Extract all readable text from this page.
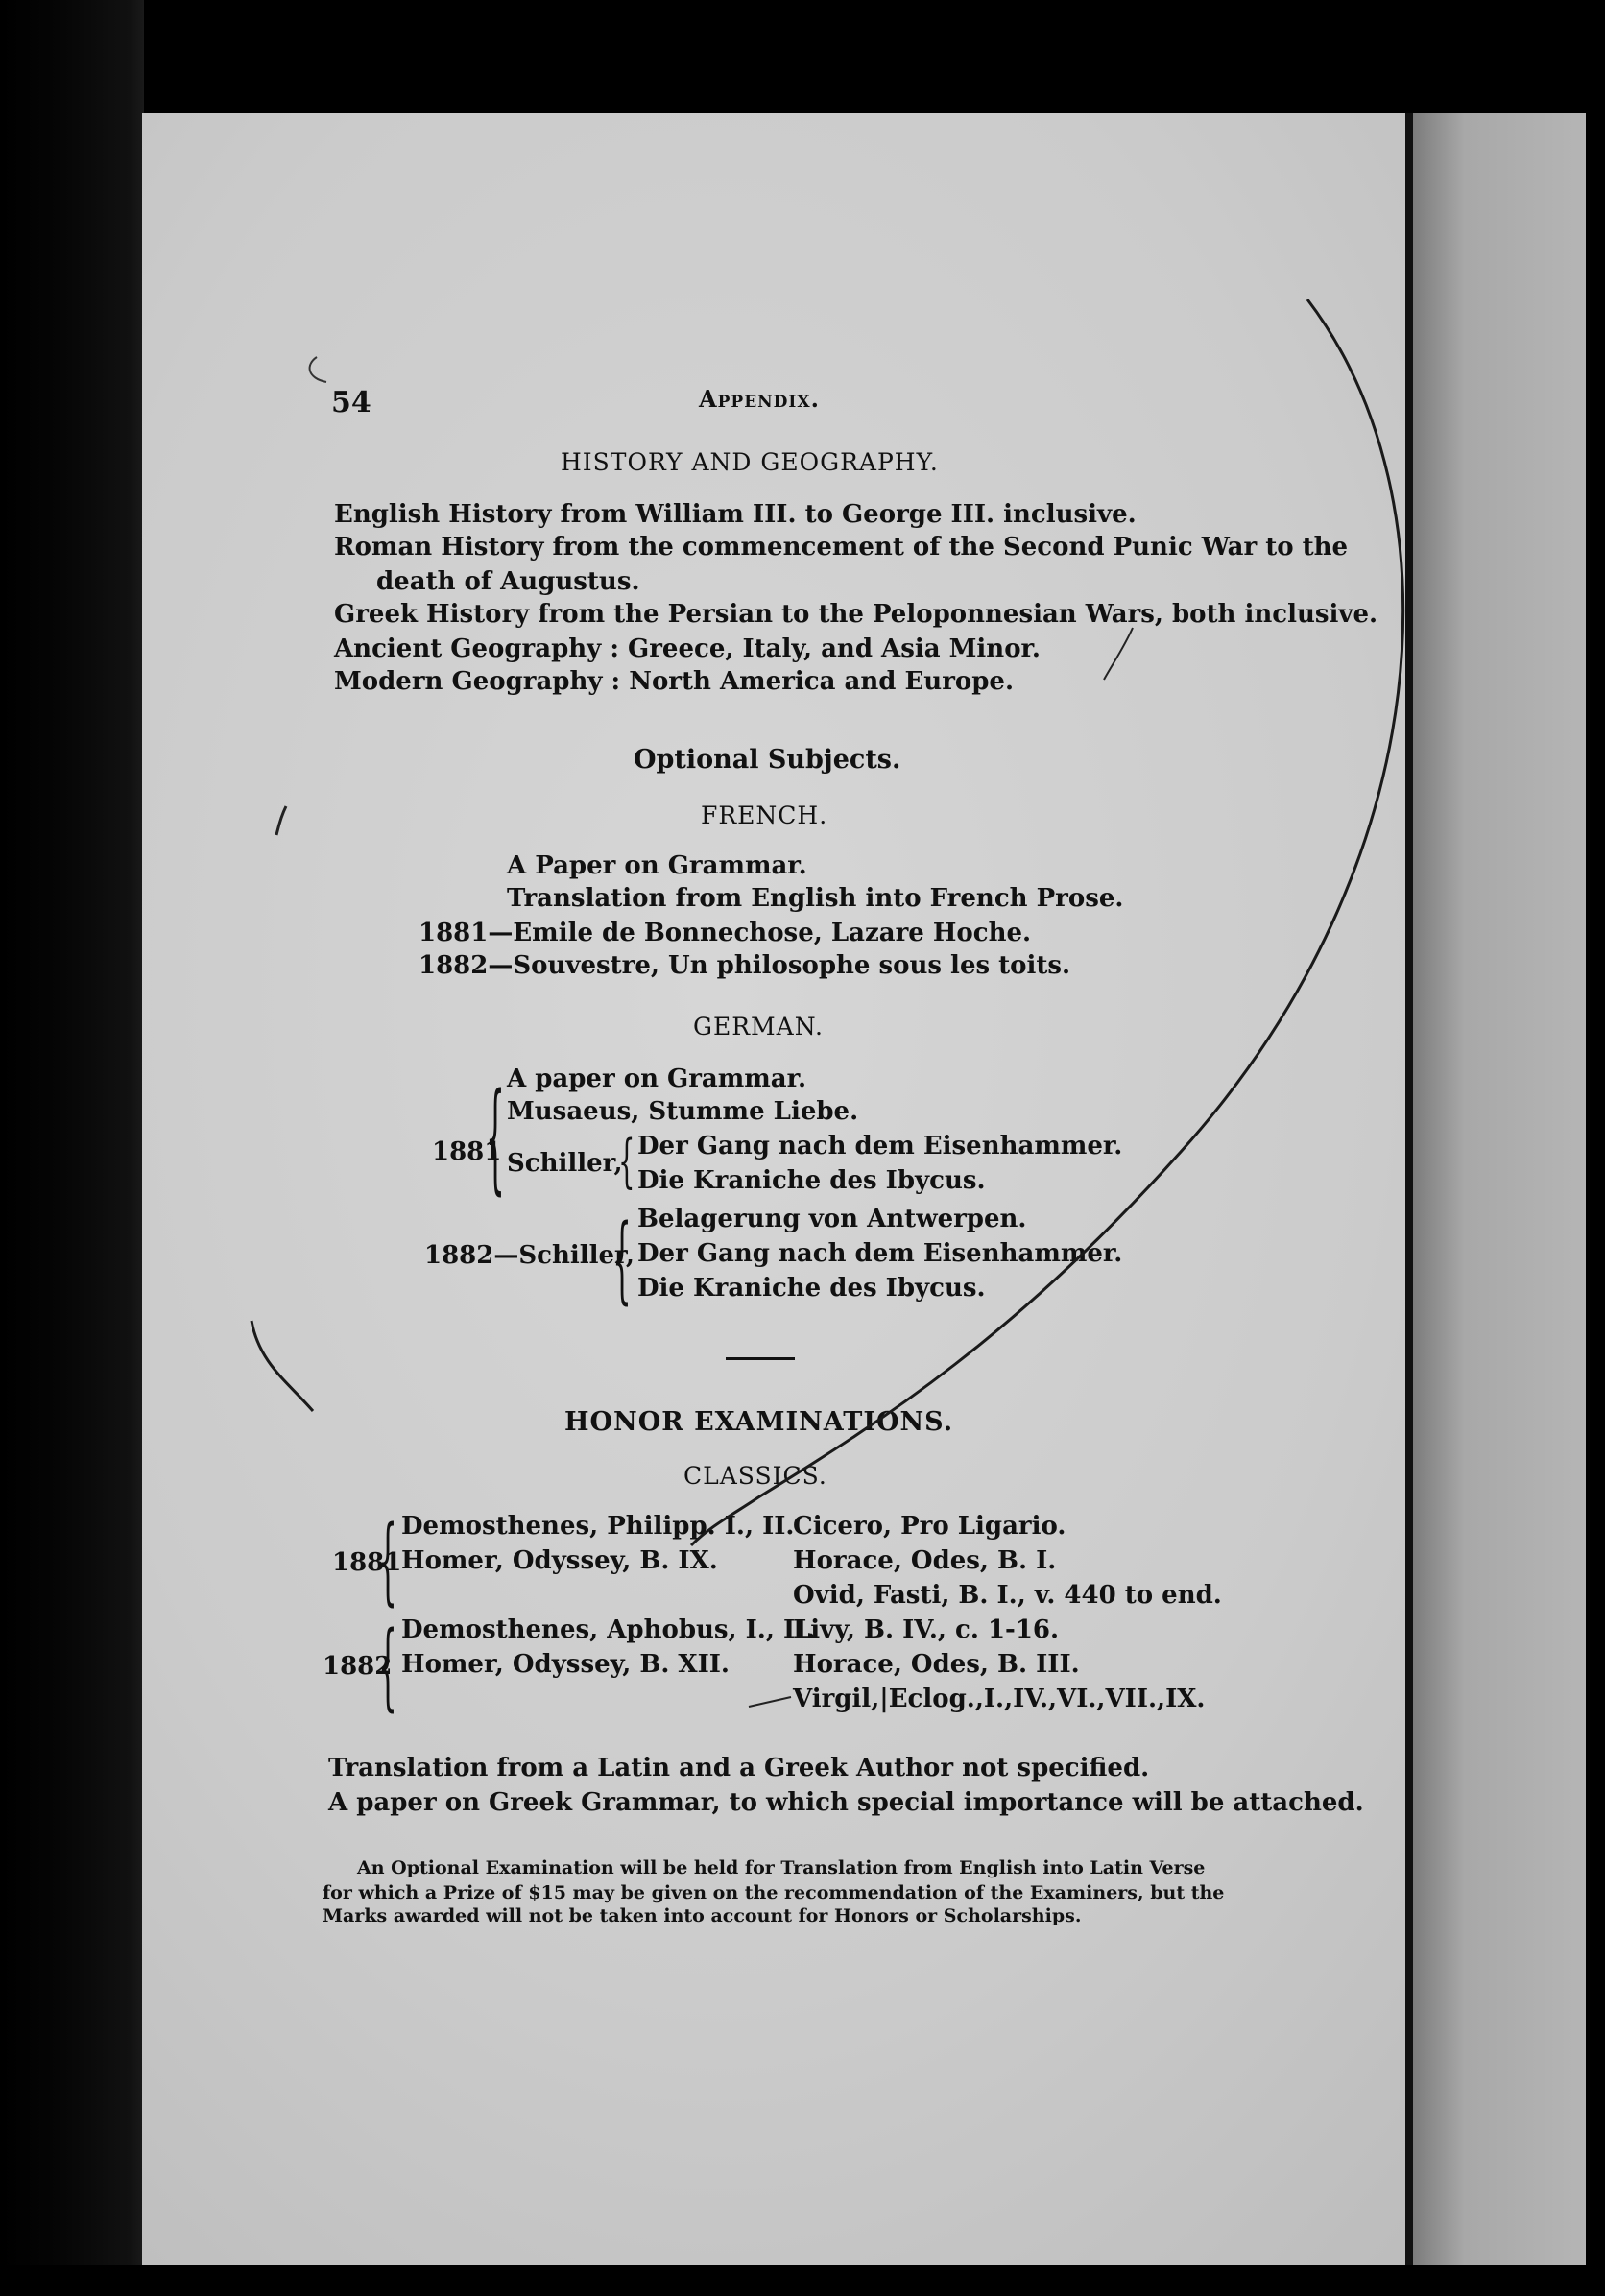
54	Appendix.
HISTORY AND GEOGRAPHY.
English History from William III. to George III. inclusive.
Roman History from the commencement of the Second Punic War to the
death of Augustus.
Greek History from the Persian to the Peloponnesian Wars, both inclusive.
Ancient Geography : Greece, Italy, and Asia Minor.
Modern Geography : North America and Europe.
Optional Subjects.
FRENCH.
A Paper on Grammar.
Translation from English into French Prose.
1881—Emile de Bonnechose, Lazare Hoche.
1882—Souvestre, Un philosophe sous les toits.
GERMAN.
A paper on Grammar.
Musaeus, Stumme Liebe.
1881
{ Schiller,
{ Der Gang nach dem Eisenhammer.
Die Kraniche des Ibycus.
{ Belagerung von Antwerpen.
1882—Schiller, Der Gang nach dem Eisenhammer.
Die Kraniche des Ibycus.
HONOR EXAMINATIONS.
CLASSICS.
1881
{ Demosthenes, Philipp. I., II.
Homer, Odyssey, B. IX.
Cicero, Pro Ligario.
Horace, Odes, B. I.
Ovid, Fasti, B. I., v. 440 to end.
1882
{ Demosthenes, Aphobus, I., II.
Homer, Odyssey, B. XII.
Livy, B. IV., c. 1-16.
Horace, Odes, B. III.
Virgil,|Eclog.,I.,IV.,VI.,VII.,IX.
Translation from a Latin and a Greek Author not specified.
A paper on Greek Grammar, to which special importance will be attached.
An Optional Examination will be held for Translation from English into Latin Verse
for which a Prize of $15 may be given on the recommendation of the Examiners, but the
Marks awarded will not be taken into account for Honors or Scholarships.
